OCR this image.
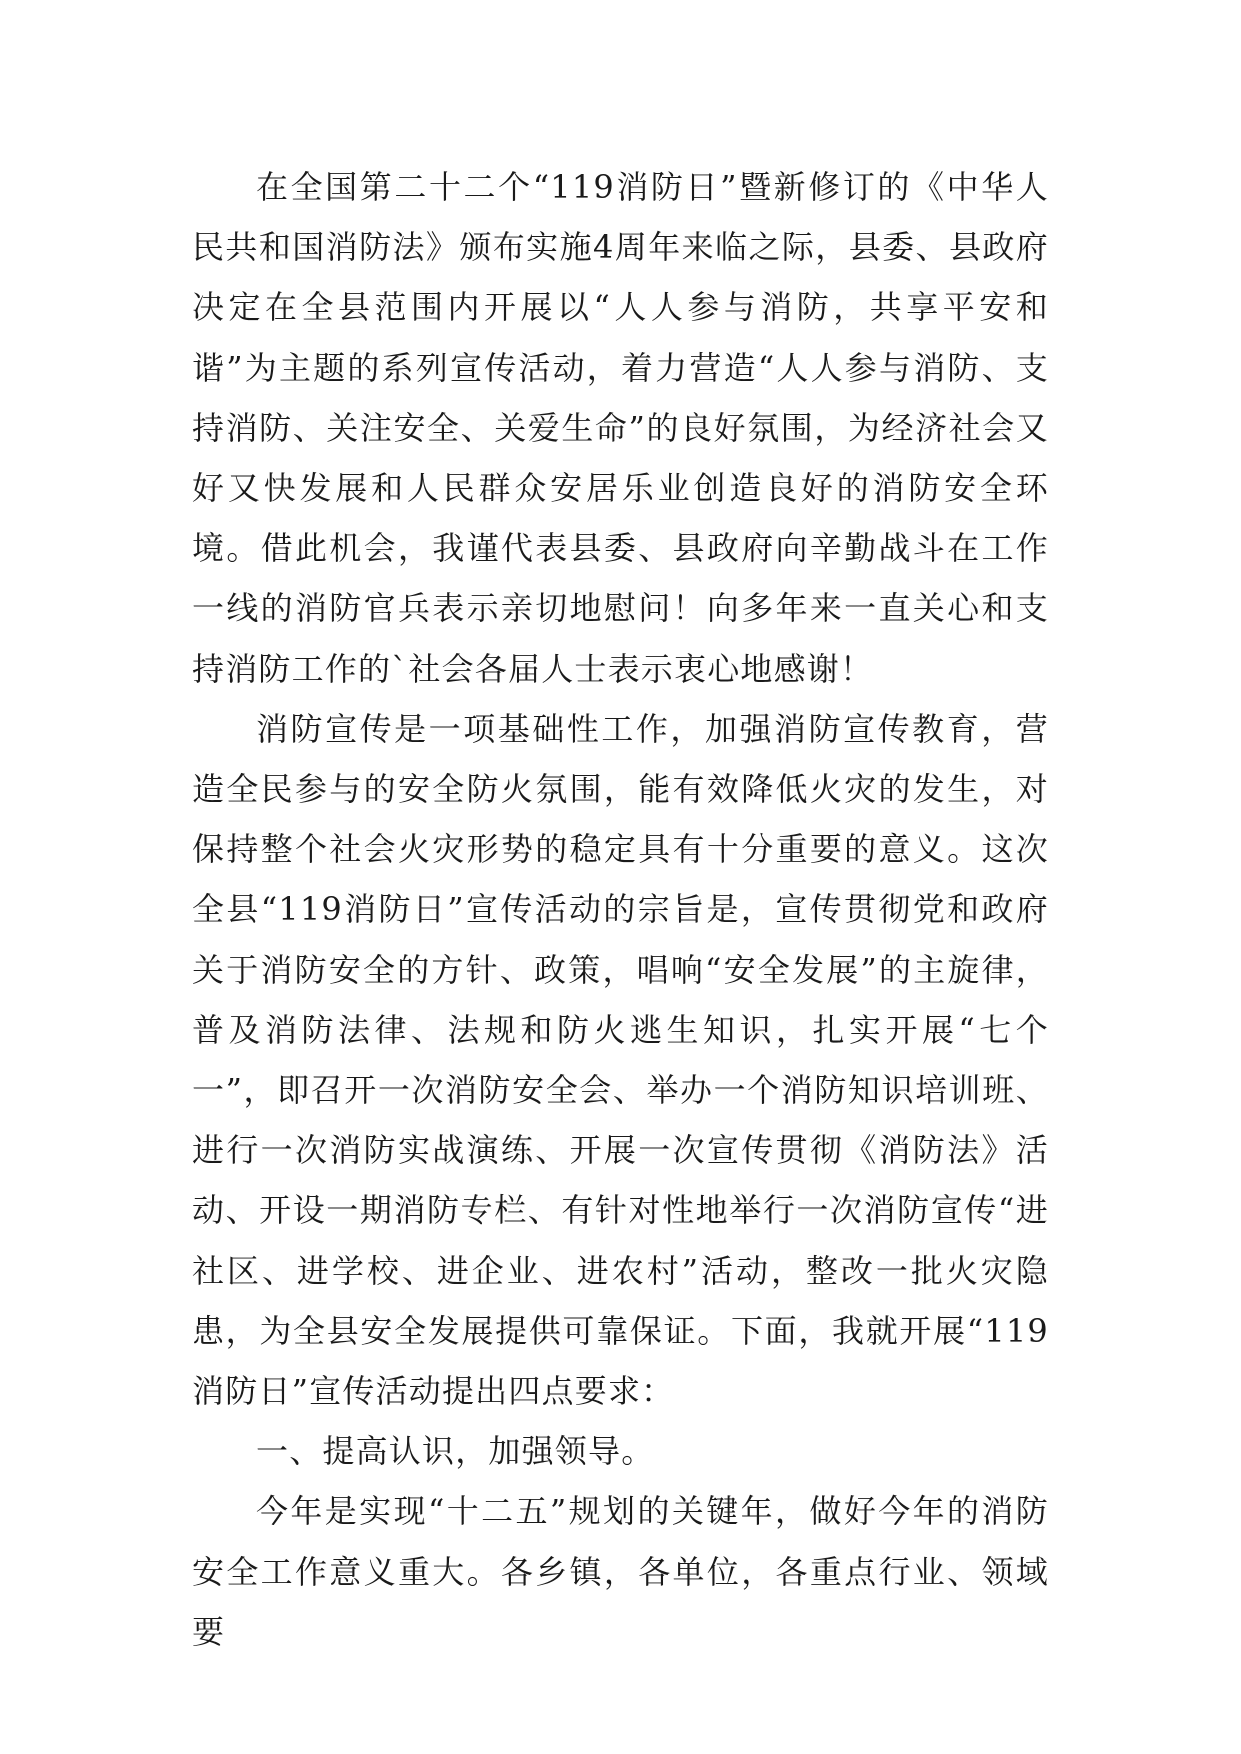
在全国第二十二个“119消防日”暨新修订的《中华人民共和国消防法》颁布实施4周年来临之际，县委、县政府决定在全县范围内开展以“人人参与消防，共享平安和谐”为主题的系列宣传活动，着力营造“人人参与消防、支持消防、关注安全、关爱生命”的良好氛围，为经济社会又好又快发展和人民群众安居乐业创造良好的消防安全环境。借此机会，我谨代表县委、县政府向辛勤战斗在工作一线的消防官兵表示亲切地慰问！向多年来一直关心和支持消防工作的`社会各届人士表示衷心地感谢！

消防宣传是一项基础性工作，加强消防宣传教育，营造全民参与的安全防火氛围，能有效降低火灾的发生，对保持整个社会火灾形势的稳定具有十分重要的意义。这次全县“119消防日”宣传活动的宗旨是，宣传贯彻党和政府关于消防安全的方针、政策，唱响“安全发展”的主旋律，普及消防法律、法规和防火逃生知识，扎实开展“七个一”，即召开一次消防安全会、举办一个消防知识培训班、进行一次消防实战演练、开展一次宣传贯彻《消防法》活动、开设一期消防专栏、有针对性地举行一次消防宣传“进社区、进学校、进企业、进农村”活动，整改一批火灾隐患，为全县安全发展提供可靠保证。下面，我就开展“119消防日”宣传活动提出四点要求：

一、提高认识，加强领导。

今年是实现“十二五”规划的关键年，做好今年的消防安全工作意义重大。各乡镇，各单位，各重点行业、领域要
